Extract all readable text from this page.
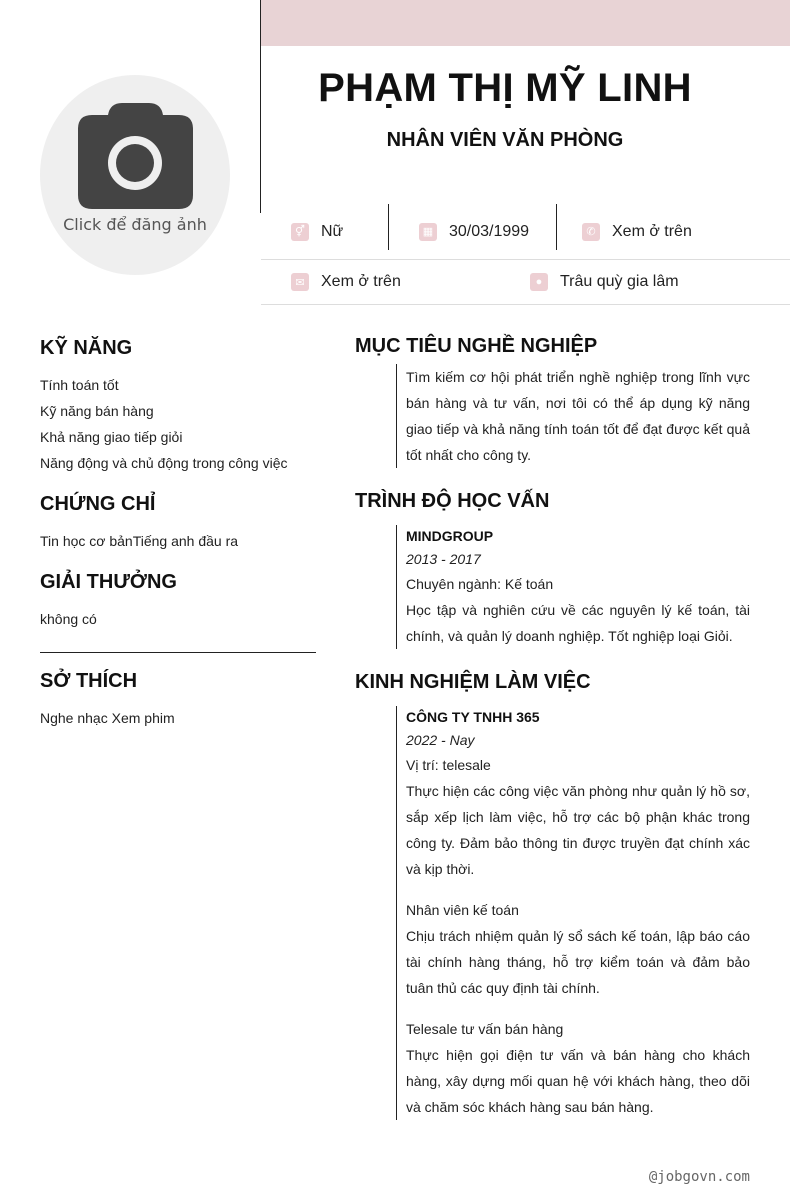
Click để đăng ảnh
PHẠM THỊ MỸ LINH
NHÂN VIÊN VĂN PHÒNG
⚥ Nữ	▦ 30/03/1999	✆ Xem ở trên
✉ Xem ở trên	●	Trâu quỳ gia lâm
KỸ NĂNG
Tính toán tốt
Kỹ năng bán hàng
Khả năng giao tiếp giỏi
Năng động và chủ động trong công việc
CHỨNG CHỈ
Tin học cơ bảnTiếng anh đầu ra
GIẢI THƯỞNG
không có
SỞ THÍCH
Nghe nhạc Xem phim
MỤC TIÊU NGHỀ NGHIỆP
Tìm kiếm cơ hội phát triển nghề nghiệp trong lĩnh vực bán hàng và tư vấn, nơi tôi có thể áp dụng kỹ năng giao tiếp và khả năng tính toán tốt để đạt được kết quả tốt nhất cho công ty.
TRÌNH ĐỘ HỌC VẤN
MINDGROUP
2013 - 2017
Chuyên ngành: Kế toán
Học tập và nghiên cứu về các nguyên lý kế toán, tài chính, và quản lý doanh nghiệp. Tốt nghiệp loại Giỏi.
KINH NGHIỆM LÀM VIỆC
CÔNG TY TNHH 365
2022 - Nay
Vị trí: telesale
Thực hiện các công việc văn phòng như quản lý hồ sơ, sắp xếp lịch làm việc, hỗ trợ các bộ phận khác trong công ty. Đảm bảo thông tin được truyền đạt chính xác và kịp thời.
Nhân viên kế toán
Chịu trách nhiệm quản lý sổ sách kế toán, lập báo cáo tài chính hàng tháng, hỗ trợ kiểm toán và đảm bảo tuân thủ các quy định tài chính.
Telesale tư vấn bán hàng
Thực hiện gọi điện tư vấn và bán hàng cho khách hàng, xây dựng mối quan hệ với khách hàng, theo dõi và chăm sóc khách hàng sau bán hàng.
@jobgovn.com
